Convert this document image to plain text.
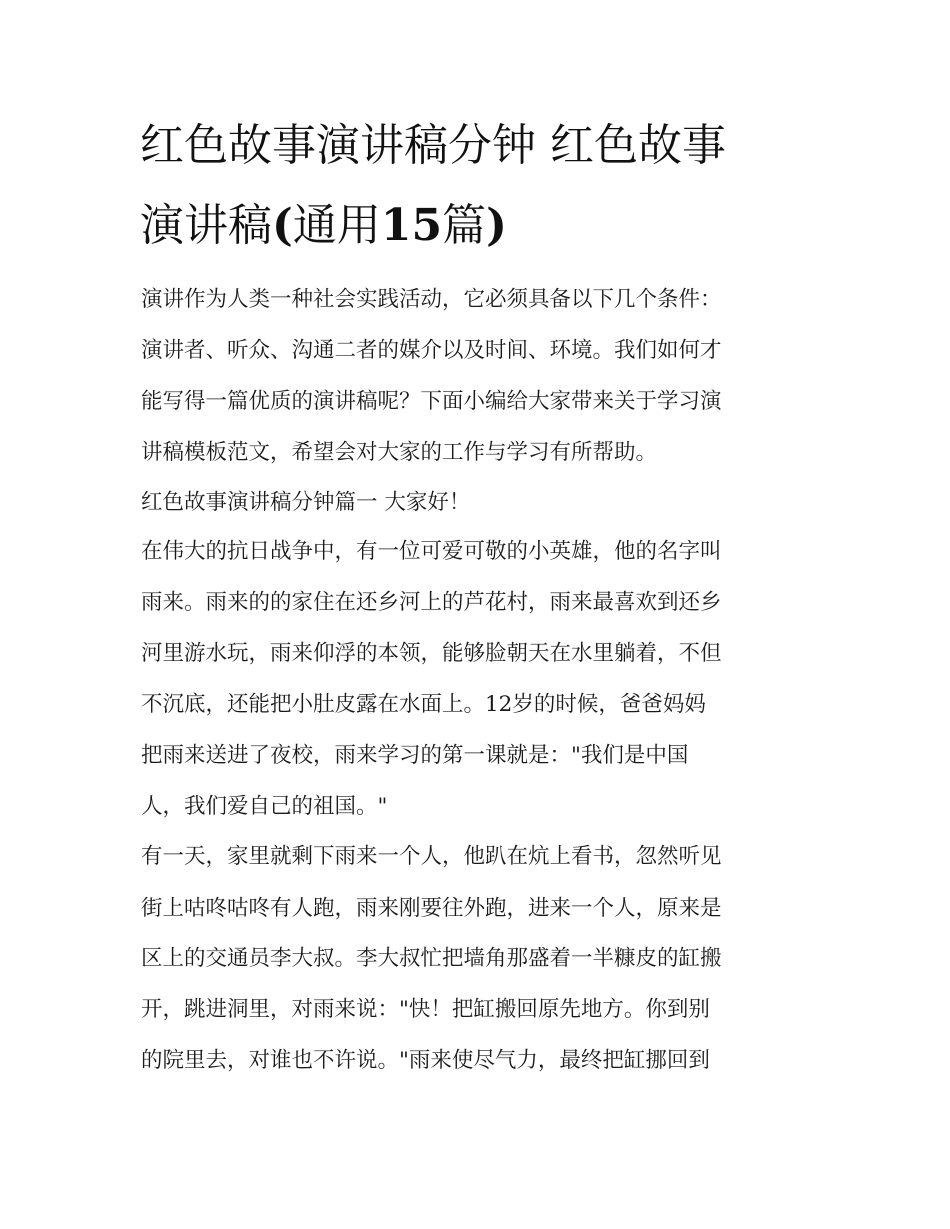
红色故事演讲稿分钟 红色故事
演讲稿(通用15篇)
演讲作为人类一种社会实践活动，它必须具备以下几个条件：
演讲者、听众、沟通二者的媒介以及时间、环境。我们如何才
能写得一篇优质的演讲稿呢？下面小编给大家带来关于学习演
讲稿模板范文，希望会对大家的工作与学习有所帮助。
红色故事演讲稿分钟篇一 大家好！
在伟大的抗日战争中，有一位可爱可敬的小英雄，他的名字叫
雨来。雨来的的家住在还乡河上的芦花村，雨来最喜欢到还乡
河里游水玩，雨来仰浮的本领，能够脸朝天在水里躺着，不但
不沉底，还能把小肚皮露在水面上。12岁的时候，爸爸妈妈
把雨来送进了夜校，雨来学习的第一课就是："我们是中国
人，我们爱自己的祖国。"
有一天，家里就剩下雨来一个人，他趴在炕上看书，忽然听见
街上咕咚咕咚有人跑，雨来刚要往外跑，进来一个人，原来是
区上的交通员李大叔。李大叔忙把墙角那盛着一半糠皮的缸搬
开，跳进洞里，对雨来说："快！把缸搬回原先地方。你到别
的院里去，对谁也不许说。"雨来使尽气力，最终把缸挪回到
